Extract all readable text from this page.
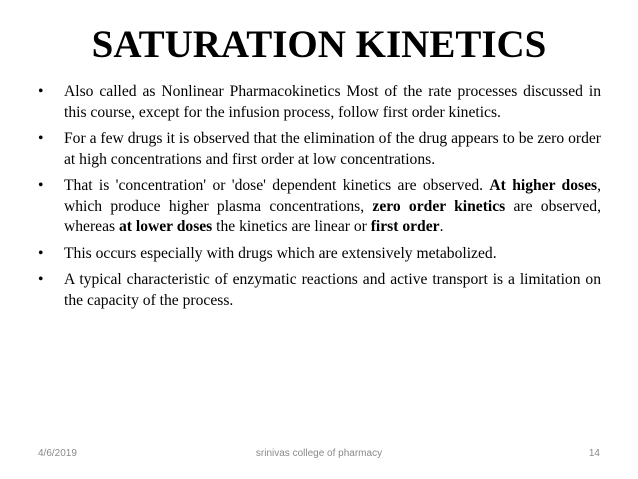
SATURATION KINETICS
•	Also called as Nonlinear Pharmacokinetics Most of the rate processes discussed in this course, except for the infusion process, follow first order kinetics.
•	For a few drugs it is observed that the elimination of the drug appears to be zero order at high concentrations and first order at low concentrations.
•	That is 'concentration' or 'dose' dependent kinetics are observed. At higher doses, which produce higher plasma concentrations, zero order kinetics are observed, whereas at lower doses the kinetics are linear or first order.
•	This occurs especially with drugs which are extensively metabolized.
•	A typical characteristic of enzymatic reactions and active transport is a limitation on the capacity of the process.
4/6/2019	srinivas college of pharmacy	14
